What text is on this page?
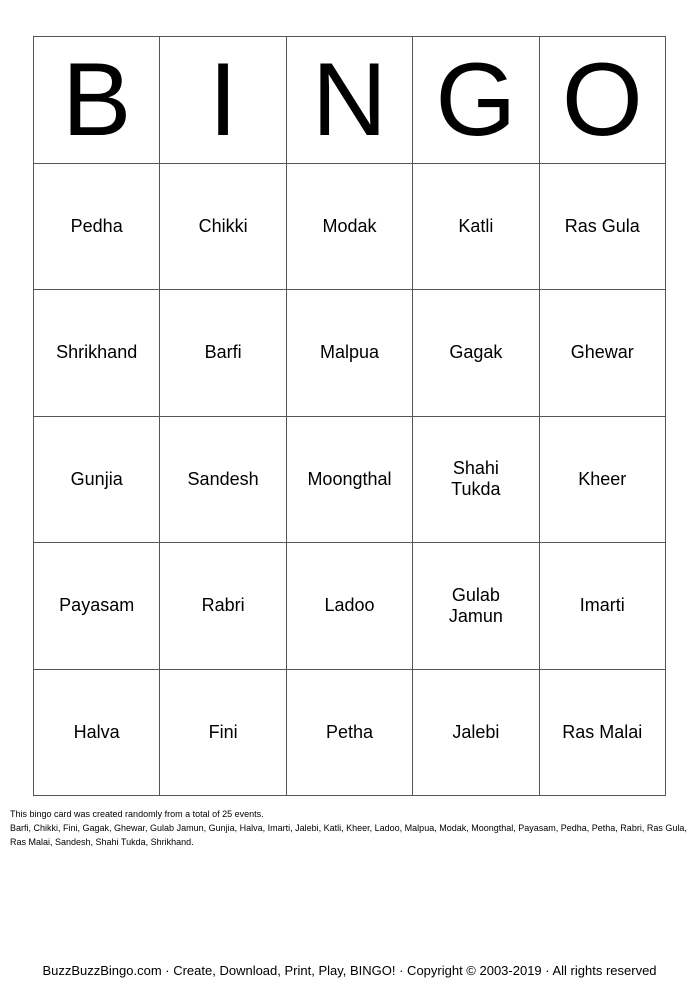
B	I	N	G	O
Pedha	Chikki	Modak	Katli	Ras Gula
Shrikhand	Barfi	Malpua	Gagak	Ghewar
Gunjia	Sandesh	Moongthal	Shahi Tukda	Kheer
Payasam	Rabri	Ladoo	Gulab Jamun	Imarti
Halva	Fini	Petha	Jalebi	Ras Malai
This bingo card was created randomly from a total of 25 events.
Barfi, Chikki, Fini, Gagak, Ghewar, Gulab Jamun, Gunjia, Halva, Imarti, Jalebi, Katli, Kheer, Ladoo, Malpua, Modak, Moongthal, Payasam, Pedha, Petha, Rabri, Ras Gula, Ras Malai, Sandesh, Shahi Tukda, Shrikhand.
BuzzBuzzBingo.com · Create, Download, Print, Play, BINGO! · Copyright © 2003-2019 · All rights reserved
